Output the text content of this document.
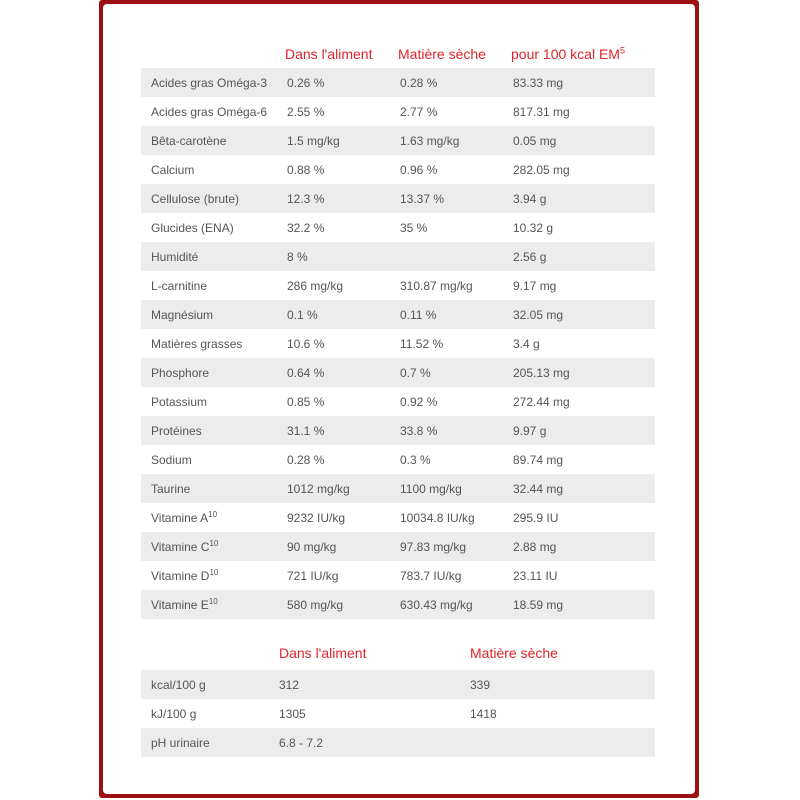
	Dans l'aliment	Matière sèche	pour 100 kcal $EM^5$
Acides gras Oméga-3	0.26 %	0.28 %	83.33 mg
Acides gras Oméga-6	2.55 %	2.77 %	817.31 mg
Bêta-carotène	1.5 mg/kg	1.63 mg/kg	0.05 mg
Calcium	0.88 %	0.96 %	282.05 mg
Cellulose (brute)	12.3 %	13.37 %	3.94 g
Glucides (ENA)	32.2 %	35 %	10.32 g
Humidité	8 %		2.56 g
L-carnitine	286 mg/kg	310.87 mg/kg	9.17 mg
Magnésium	0.1 %	0.11 %	32.05 mg
Matières grasses	10.6 %	11.52 %	3.4 g
Phosphore	0.64 %	0.7 %	205.13 mg
Potassium	0.85 %	0.92 %	272.44 mg
Protéines	31.1 %	33.8 %	9.97 g
Sodium	0.28 %	0.3 %	89.74 mg
Taurine	1012 mg/kg	1100 mg/kg	32.44 mg
Vitamine $A^{10}$	9232 IU/kg	10034.8 IU/kg	295.9 IU
Vitamine $C^{10}$	90 mg/kg	97.83 mg/kg	2.88 mg
Vitamine $D^{10}$	721 IU/kg	783.7 IU/kg	23.11 IU
Vitamine $E^{10}$	580 mg/kg	630.43 mg/kg	18.59 mg
	Dans l'aliment	Matière sèche
kcal/100 g	312	339
kJ/100 g	1305	1418
pH urinaire	6.8 - 7.2	
